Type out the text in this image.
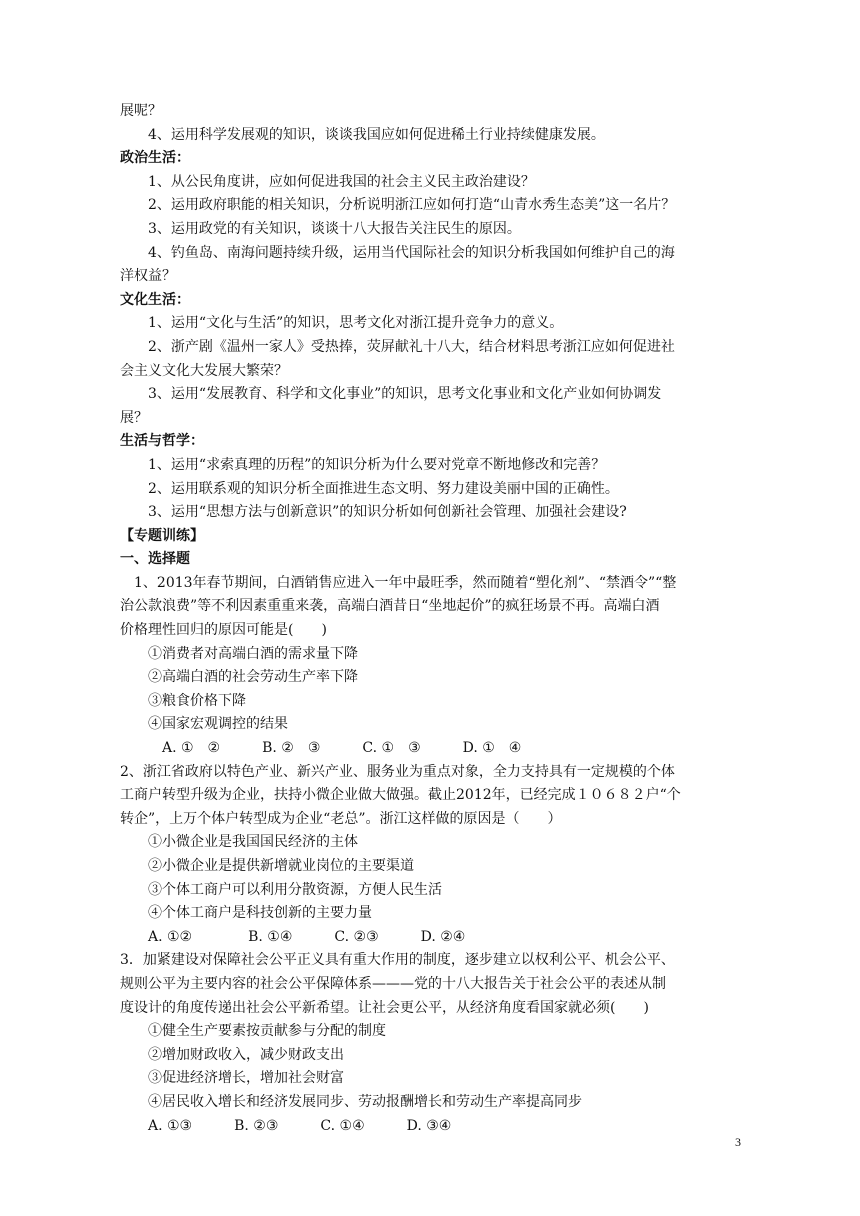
展呢？
4、运用科学发展观的知识，谈谈我国应如何促进稀土行业持续健康发展。
政治生活：
1、从公民角度讲，应如何促进我国的社会主义民主政治建设？
2、运用政府职能的相关知识，分析说明浙江应如何打造“山青水秀生态美”这一名片？
3、运用政党的有关知识，谈谈十八大报告关注民生的原因。
4、钓鱼岛、南海问题持续升级，运用当代国际社会的知识分析我国如何维护自己的海
洋权益？
文化生活：
1、运用“文化与生活”的知识，思考文化对浙江提升竞争力的意义。
2、浙产剧《温州一家人》受热捧，荧屏献礼十八大，结合材料思考浙江应如何促进社
会主义文化大发展大繁荣？
3、运用“发展教育、科学和文化事业”的知识，思考文化事业和文化产业如何协调发
展？
生活与哲学：
1、运用“求索真理的历程”的知识分析为什么要对党章不断地修改和完善？
2、运用联系观的知识分析全面推进生态文明、努力建设美丽中国的正确性。
3、运用“思想方法与创新意识”的知识分析如何创新社会管理、加强社会建设?
【专题训练】
一、选择题
1、2013年春节期间，白酒销售应进入一年中最旺季，然而随着“塑化剂”、“禁酒令”“整
治公款浪费”等不利因素重重来袭，高端白酒昔日“坐地起价”的疯狂场景不再。高端白酒
价格理性回归的原因可能是(　　)
①消费者对高端白酒的需求量下降
②高端白酒的社会劳动生产率下降
③粮食价格下降
④国家宏观调控的结果
A. ①　②　　　B. ②　③　　　C. ①　③　　　D. ①　④
2、浙江省政府以特色产业、新兴产业、服务业为重点对象，全力支持具有一定规模的个体
工商户转型升级为企业，扶持小微企业做大做强。截止2012年，已经完成１０６８２户“个
转企”，上万个体户转型成为企业“老总”。浙江这样做的原因是（　　）
①小微企业是我国国民经济的主体
②小微企业是提供新增就业岗位的主要渠道
③个体工商户可以利用分散资源，方便人民生活
④个体工商户是科技创新的主要力量
A. ①②　　　　B. ①④　　　C. ②③　　　D. ②④
3．加紧建设对保障社会公平正义具有重大作用的制度，逐步建立以权利公平、机会公平、
规则公平为主要内容的社会公平保障体系———党的十八大报告关于社会公平的表述从制
度设计的角度传递出社会公平新希望。让社会更公平，从经济角度看国家就必须(　　)
①健全生产要素按贡献参与分配的制度
②增加财政收入，减少财政支出
③促进经济增长，增加社会财富
④居民收入增长和经济发展同步、劳动报酬增长和劳动生产率提高同步
A. ①③　　　B. ②③　　　C. ①④　　　D. ③④
3
